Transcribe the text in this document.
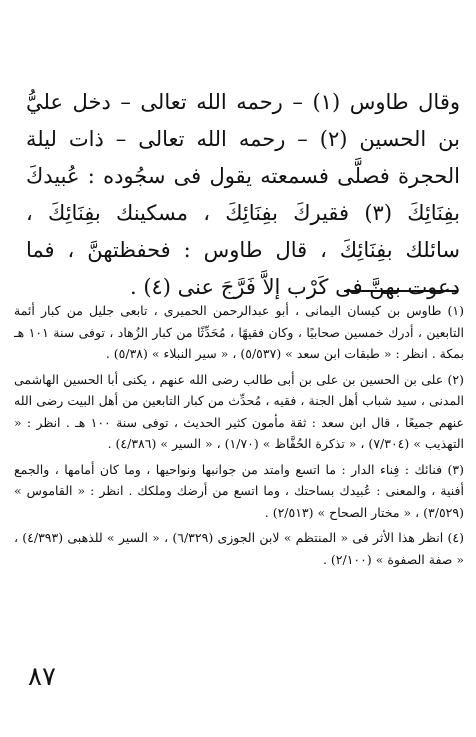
وقال طاوس (١) – رحمه الله تعالى – دخل عليُّ بن الحسين (٢) – رحمه الله تعالى – ذات ليلة الحجرة فصلَّى فسمعته يقول فى سجُوده : عُبيدكَ بفِنَائِكَ (٣) فقيركَ بفِنَائِكَ ، مسكينك بفِنَائِكَ ، سائلك بفِنَائِكَ ، قال طاوس : فحفظتهنَّ ، فما دعوت بهنَّ فى كَرْب إلاَّ فَرَّجَ عنى (٤) .

(١) طاوس بن كيسان اليمانى ، أبو عبدالرحمن الحميرى ، تابعى جليل من كبار أئمة التابعين ، أدرك خمسين صحابيًا ، وكان فقيهًا ، مُحَدِّثًا من كبار الزُهاد ، توفى سنة ١٠١ هـ بمكة . انظر : « طبقات ابن سعد » (٥/٥٣٧) ، « سير النبلاء » (٥/٣٨) .

(٢) على بن الحسين بن على بن أبى طالب رضى الله عنهم ، يكنى أبا الحسين الهاشمى المدنى ، سيد شباب أهل الجنة ، فقيه ، مُحدِّث من كبار التابعين من أهل البيت رضى الله عنهم جميعًا ، قال ابن سعد : ثقة مأمون كثير الحديث ، توفى سنة ١٠٠ هـ . انظر : « التهذيب » (٧/٣٠٤) ، « تذكرة الحُفَّاظ » (١/٧٠) ، « السير » (٤/٣٨٦) .

(٣) فنائك : فِناء الدار : ما اتسع وامتد من جوانبها ونواحيها ، وما كان أمامها ، والجمع أفنية ، والمعنى : عُبيدك بساحتك ، وما اتسع من أرضك وملكك . انظر : « القاموس » (٣/٥٢٩) ، « مختار الصحاح » (٢/٥١٣) .

(٤) انظر هذا الأثر فى « المنتظم » لابن الجوزى (٦/٣٢٩) ، « السير » للذهبى (٤/٣٩٣) ، « صفة الصفوة » (٢/١٠٠) .

٨٧
